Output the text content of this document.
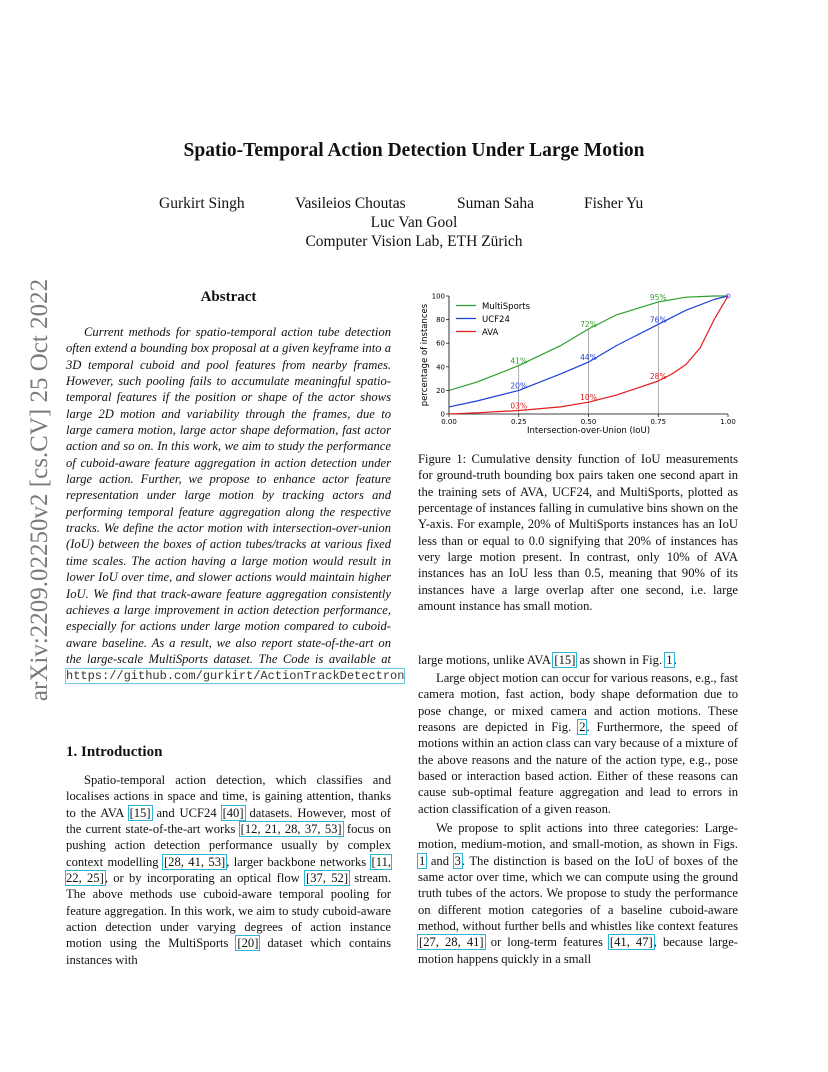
arXiv:2209.02250v2 [cs.CV] 25 Oct 2022
Spatio-Temporal Action Detection Under Large Motion
Gurkirt Singh	Vasileios Choutas	Suman Saha	Fisher Yu
Luc Van Gool
Computer Vision Lab, ETH Zürich
Abstract
Current methods for spatio-temporal action tube detection often extend a bounding box proposal at a given keyframe into a 3D temporal cuboid and pool features from nearby frames. However, such pooling fails to accumulate meaningful spatio-temporal features if the position or shape of the actor shows large 2D motion and variability through the frames, due to large camera motion, large actor shape deformation, fast actor action and so on. In this work, we aim to study the performance of cuboid-aware feature aggregation in action detection under large action. Further, we propose to enhance actor feature representation under large motion by tracking actors and performing temporal feature aggregation along the respective tracks. We define the actor motion with intersection-over-union (IoU) between the boxes of action tubes/tracks at various fixed time scales. The action having a large motion would result in lower IoU over time, and slower actions would maintain higher IoU. We find that track-aware feature aggregation consistently achieves a large improvement in action detection performance, especially for actions under large motion compared to cuboid-aware baseline. As a result, we also report state-of-the-art on the large-scale MultiSports dataset. The Code is available at https://github.com/gurkirt/ActionTrackDetectron
1. Introduction
Spatio-temporal action detection, which classifies and localises actions in space and time, is gaining attention, thanks to the AVA [15] and UCF24 [40] datasets. However, most of the current state-of-the-art works [12, 21, 28, 37, 53] focus on pushing action detection performance usually by complex context modelling [28, 41, 53], larger backbone networks [11, 22, 25], or by incorporating an optical flow [37, 52] stream. The above methods use cuboid-aware temporal pooling for feature aggregation. In this work, we aim to study cuboid-aware action detection under varying degrees of action instance motion using the MultiSports [20] dataset which contains instances with
0
20
40
60
80
100
0.00	0.25	0.50	0.75	1.00
Intersection-over-Union (IoU)
percentage of instances
95%
72%
41%
76%
44%
20%
28%
10%
03%
MultiSports
UCF24
AVA
Figure 1: Cumulative density function of IoU measurements for ground-truth bounding box pairs taken one second apart in the training sets of AVA, UCF24, and MultiSports, plotted as percentage of instances falling in cumulative bins shown on the Y-axis. For example, 20% of MultiSports instances has an IoU less than or equal to 0.0 signifying that 20% of instances has very large motion present. In contrast, only 10% of AVA instances has an IoU less than 0.5, meaning that 90% of its instances have a large overlap after one second, i.e. large amount instance has small motion.
large motions, unlike AVA [15] as shown in Fig. 1.
Large object motion can occur for various reasons, e.g., fast camera motion, fast action, body shape deformation due to pose change, or mixed camera and action motions. These reasons are depicted in Fig. 2. Furthermore, the speed of motions within an action class can vary because of a mixture of the above reasons and the nature of the action type, e.g., pose based or interaction based action. Either of these reasons can cause sub-optimal feature aggregation and lead to errors in action classification of a given reason.
We propose to split actions into three categories: Large-motion, medium-motion, and small-motion, as shown in Figs. 1 and 3. The distinction is based on the IoU of boxes of the same actor over time, which we can compute using the ground truth tubes of the actors. We propose to study the performance on different motion categories of a baseline cuboid-aware method, without further bells and whistles like context features [27, 28, 41] or long-term features [41, 47], because large-motion happens quickly in a small
